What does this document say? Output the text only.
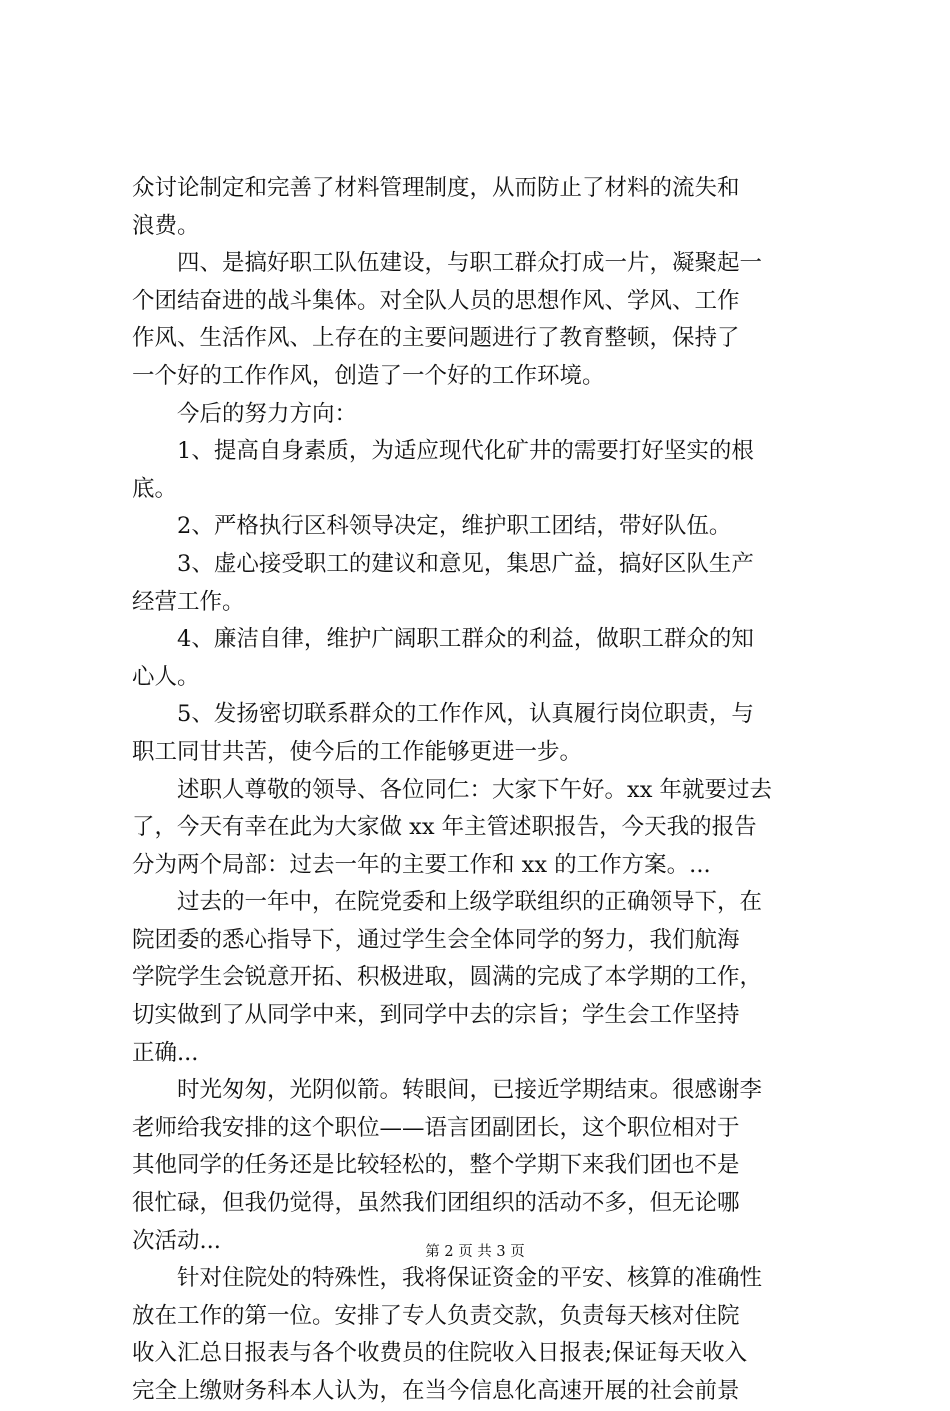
众讨论制定和完善了材料管理制度，从而防止了材料的流失和
浪费。
　　四、是搞好职工队伍建设，与职工群众打成一片，凝聚起一
个团结奋进的战斗集体。对全队人员的思想作风、学风、工作
作风、生活作风、上存在的主要问题进行了教育整顿，保持了
一个好的工作作风，创造了一个好的工作环境。
　　今后的努力方向：
　　1、提高自身素质，为适应现代化矿井的需要打好坚实的根
底。
　　2、严格执行区科领导决定，维护职工团结，带好队伍。
　　3、虚心接受职工的建议和意见，集思广益，搞好区队生产
经营工作。
　　4、廉洁自律，维护广阔职工群众的利益，做职工群众的知
心人。
　　5、发扬密切联系群众的工作作风，认真履行岗位职责，与
职工同甘共苦，使今后的工作能够更进一步。
　　述职人尊敬的领导、各位同仁：大家下午好。xx 年就要过去
了，今天有幸在此为大家做 xx 年主管述职报告，今天我的报告
分为两个局部：过去一年的主要工作和 xx 的工作方案。...
　　过去的一年中，在院党委和上级学联组织的正确领导下，在
院团委的悉心指导下，通过学生会全体同学的努力，我们航海
学院学生会锐意开拓、积极进取，圆满的完成了本学期的工作，
切实做到了从同学中来，到同学中去的宗旨；学生会工作坚持
正确...
　　时光匆匆，光阴似箭。转眼间，已接近学期结束。很感谢李
老师给我安排的这个职位——语言团副团长，这个职位相对于
其他同学的任务还是比较轻松的，整个学期下来我们团也不是
很忙碌，但我仍觉得，虽然我们团组织的活动不多，但无论哪
次活动...
　　针对住院处的特殊性，我将保证资金的平安、核算的准确性
放在工作的第一位。安排了专人负责交款，负责每天核对住院
收入汇总日报表与各个收费员的住院收入日报表;保证每天收入
完全上缴财务科本人认为，在当今信息化高速开展的社会前景
第 2 页 共 3 页
